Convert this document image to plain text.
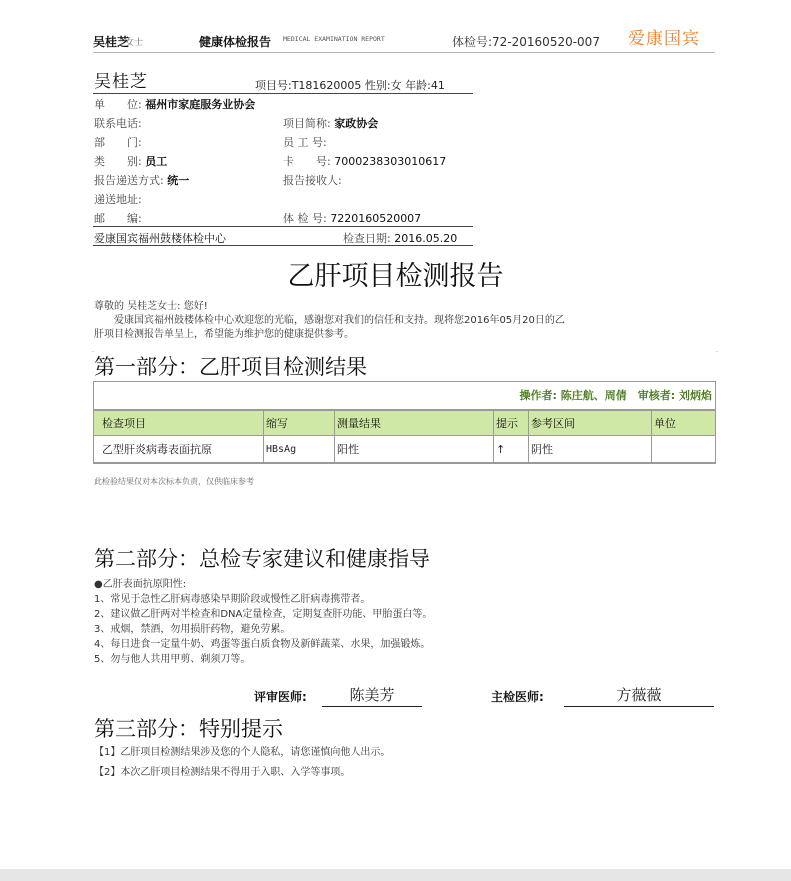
吴桂芝
女士	健康体检报告 MEDICAL EXAMINATION REPORT	体检号:72-20160520-007 爱康国宾
吴桂芝	项目号:T181620005 性别:女 年龄:41
单　　位: 福州市家庭服务业协会
联系电话:	项目简称: 家政协会
部　　门:	员 工 号:
类　　别: 员工	卡　　号: 7000238303010617
报告递送方式: 统一	报告接收人:
递送地址:
邮　　编:	体 检 号: 7220160520007
爱康国宾福州鼓楼体检中心	检查日期: 2016.05.20
乙肝项目检测报告
尊敬的 吴桂芝女士: 您好!
　　爱康国宾福州鼓楼体检中心欢迎您的光临，感谢您对我们的信任和支持。现将您2016年05月20日的乙
肝项目检测报告单呈上，希望能为维护您的健康提供参考。
.	.
第一部分：乙肝项目检测结果
操作者: 陈庄航、周倩　审核者: 刘炳焰
检查项目	缩写	测量结果	提示	参考区间	单位
乙型肝炎病毒表面抗原	HBsAg	阳性	↑	阴性	
此检验结果仅对本次标本负责，仅供临床参考
第二部分：总检专家建议和健康指导
●乙肝表面抗原阳性:
1、常见于急性乙肝病毒感染早期阶段或慢性乙肝病毒携带者。
2、建议做乙肝两对半检查和DNA定量检查，定期复查肝功能、甲胎蛋白等。
3、戒烟，禁酒，勿用损肝药物，避免劳累。
4、每日进食一定量牛奶、鸡蛋等蛋白质食物及新鲜蔬菜、水果，加强锻炼。
5、勿与他人共用甲剪、剃须刀等。
评审医师:	陈美芳	主检医师:	方薇薇
第三部分：特别提示
【1】乙肝项目检测结果涉及您的个人隐私，请您谨慎向他人出示。
【2】本次乙肝项目检测结果不得用于入职、入学等事项。
